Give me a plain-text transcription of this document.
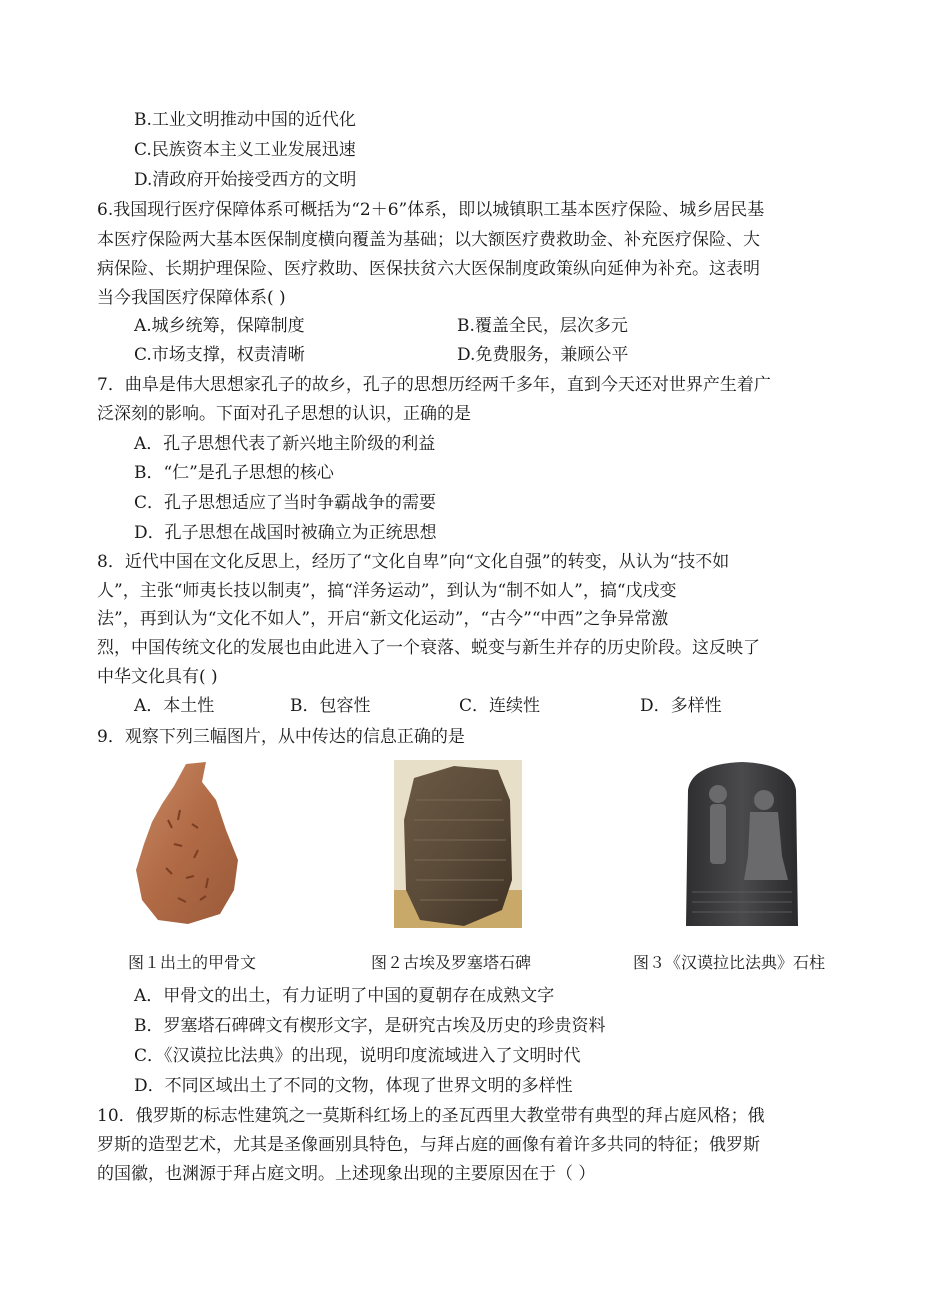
B.工业文明推动中国的近代化
C.民族资本主义工业发展迅速
D.清政府开始接受西方的文明
6.我国现行医疗保障体系可概括为“2＋6”体系，即以城镇职工基本医疗保险、城乡居民基
本医疗保险两大基本医保制度横向覆盖为基础；以大额医疗费救助金、补充医疗保险、大
病保险、长期护理保险、医疗救助、医保扶贫六大医保制度政策纵向延伸为补充。这表明
当今我国医疗保障体系( )
A.城乡统筹，保障制度	B.覆盖全民，层次多元
C.市场支撑，权责清晰	D.免费服务，兼顾公平
7．曲阜是伟大思想家孔子的故乡，孔子的思想历经两千多年，直到今天还对世界产生着广
泛深刻的影响。下面对孔子思想的认识，正确的是
A．孔子思想代表了新兴地主阶级的利益
B．“仁”是孔子思想的核心
C．孔子思想适应了当时争霸战争的需要
D．孔子思想在战国时被确立为正统思想
8．近代中国在文化反思上，经历了“文化自卑”向“文化自强”的转变，从认为“技不如
人”，主张“师夷长技以制夷”，搞“洋务运动”，到认为“制不如人”，搞“戊戌变
法”，再到认为“文化不如人”，开启“新文化运动”，“古今”“中西”之争异常激
烈，中国传统文化的发展也由此进入了一个衰落、蜕变与新生并存的历史阶段。这反映了
中华文化具有( )
A．本土性	B．包容性	C．连续性	D．多样性
9．观察下列三幅图片，从中传达的信息正确的是
图１出土的甲骨文	图２古埃及罗塞塔石碑	图３《汉谟拉比法典》石柱
A．甲骨文的出土，有力证明了中国的夏朝存在成熟文字
B．罗塞塔石碑碑文有楔形文字，是研究古埃及历史的珍贵资料
C．《汉谟拉比法典》的出现，说明印度流域进入了文明时代
D．不同区域出土了不同的文物，体现了世界文明的多样性
10．俄罗斯的标志性建筑之一莫斯科红场上的圣瓦西里大教堂带有典型的拜占庭风格；俄
罗斯的造型艺术，尤其是圣像画别具特色，与拜占庭的画像有着许多共同的特征；俄罗斯
的国徽，也渊源于拜占庭文明。上述现象出现的主要原因在于（ ）
